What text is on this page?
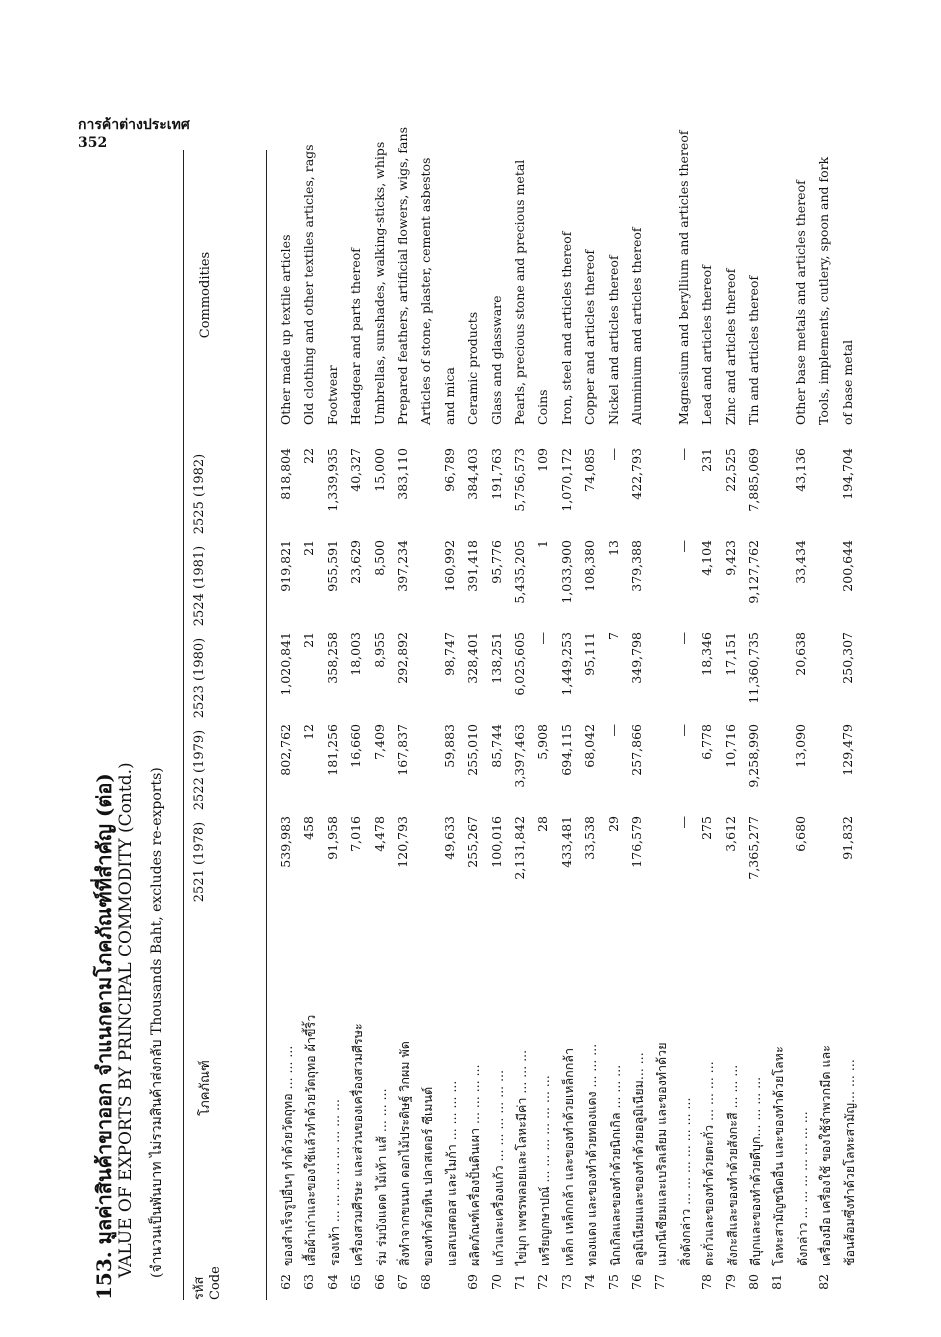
การค้าต่างประเทศ
352
153. มูลค่าสินค้าขาออก จำแนกตามโภคภัณฑ์ที่สำคัญ (ต่อ) VALUE OF EXPORTS BY PRINCIPAL COMMODITY (Contd.) (จำนวนเป็นพันบาท ไม่รวมสินค้าส่งกลับ Thousands Baht, excludes re-exports)
รหัส Code
โภคภัณฑ์
2521 (1978)
2522 (1979)
2523 (1980)
2524 (1981)
2525 (1982)
Commodities
62
ของสำเร็จรูปอื่นๆ ทำด้วยวัตถุทอ ... ... ...
539,983
802,762
1,020,841
919,821
818,804
Other made up textile articles
63
เสื้อผ้าเก่าและของใช้แล้วทำด้วยวัตถุทอ ผ้าขี้ริ้ว
458
12
21
21
22
Old clothing and other textiles articles, rags
64
รองเท้า ... ... ... ... ... ... ... ...
91,958
181,256
358,258
955,591
1,339,935
Footwear
65
เครื่องสวมศีรษะ และส่วนของเครื่องสวมศีรษะ
7,016
16,660
18,003
23,629
40,327
Headgear and parts thereof
66
ร่ม ร่มบังแดด ไม้เท้า แส้ ... ... ...
4,478
7,409
8,955
8,500
15,000
Umbrellas, sunshades, walking-sticks, whips
67
สิ่งทำจากขนนก ดอกไม้ประดิษฐ์ วิกผม พัด
120,793
167,837
292,892
397,234
383,110
Prepared feathers, artificial flowers, wigs, fans
68
ของทำด้วยหิน ปลาสเตอร์ ซีเมนต์
Articles of stone, plaster, cement asbestos
แอสเบสตอส และไมก้า ... ... ... ...
49,633
59,883
98,747
160,992
96,789
and mica
69
ผลิตภัณฑ์เครื่องปั้นดินเผา ... ... ... ...
255,267
255,010
328,401
391,418
384,403
Ceramic products
70
แก้วและเครื่องแก้ว ... ... ... ... ... ...
100,016
85,744
138,251
95,776
191,763
Glass and glassware
71
ไข่มุก เพชรพลอยและโลหะมีค่า ... ... ...
2,131,842
3,397,463
6,025,605
5,435,205
5,756,573
Pearls, precious stone and precious metal
72
เหรียญกษาปณ์ ... ... ... ... ... ... ...
28
5,908
—
1
109
Coins
73
เหล็ก เหล็กกล้า และของทำด้วยเหล็กกล้า
433,481
694,115
1,449,253
1,033,900
1,070,172
Iron, steel and articles thereof
74
ทองแดง และของทำด้วยทองแดง ... ... ...
33,538
68,042
95,111
108,380
74,085
Copper and articles thereof
75
นิกเกิลและของทำด้วยนิกเกิล ... ... ...
29
—
7
13
—
Nickel and articles thereof
76
อลูมิเนียมและของทำด้วยอลูมิเนียม... ...
176,579
257,866
349,798
379,388
422,793
Aluminium and articles thereof
77
แมกนีเซียมและเบริลเลียม และของทำด้วย สิ่งดังกล่าว ... ... ... ... ... ... ...
—
—
—
—
—
Magnesium and beryllium and articles thereof
78
ตะกั่วและของทำด้วยตะกั่ว ... ... ... ...
275
6,778
18,346
4,104
231
Lead and articles thereof
79
สังกะสีและของทำด้วยสังกะสี ... ... ...
3,612
10,716
17,151
9,423
22,525
Zinc and articles thereof
80
ดีบุกและของทำด้วยดีบุก... ... ... ...
7,365,277
9,258,990
11,360,735
9,127,762
7,885,069
Tin and articles thereof
81
โลหะสามัญชนิดอื่น และของทำด้วยโลหะ ดังกล่าว ... ... ... ... ... ... ...
6,680
13,090
20,638
33,434
43,136
Other base metals and articles thereof
82
เครื่องมือ เครื่องใช้ ของใช้จำพวกมีด และ
Tools, implements, cutlery, spoon and fork
ช้อนส้อมซึ่งทำด้วยโลหะสามัญ... ... ...
91,832
129,479
250,307
200,644
194,704
of base metal
